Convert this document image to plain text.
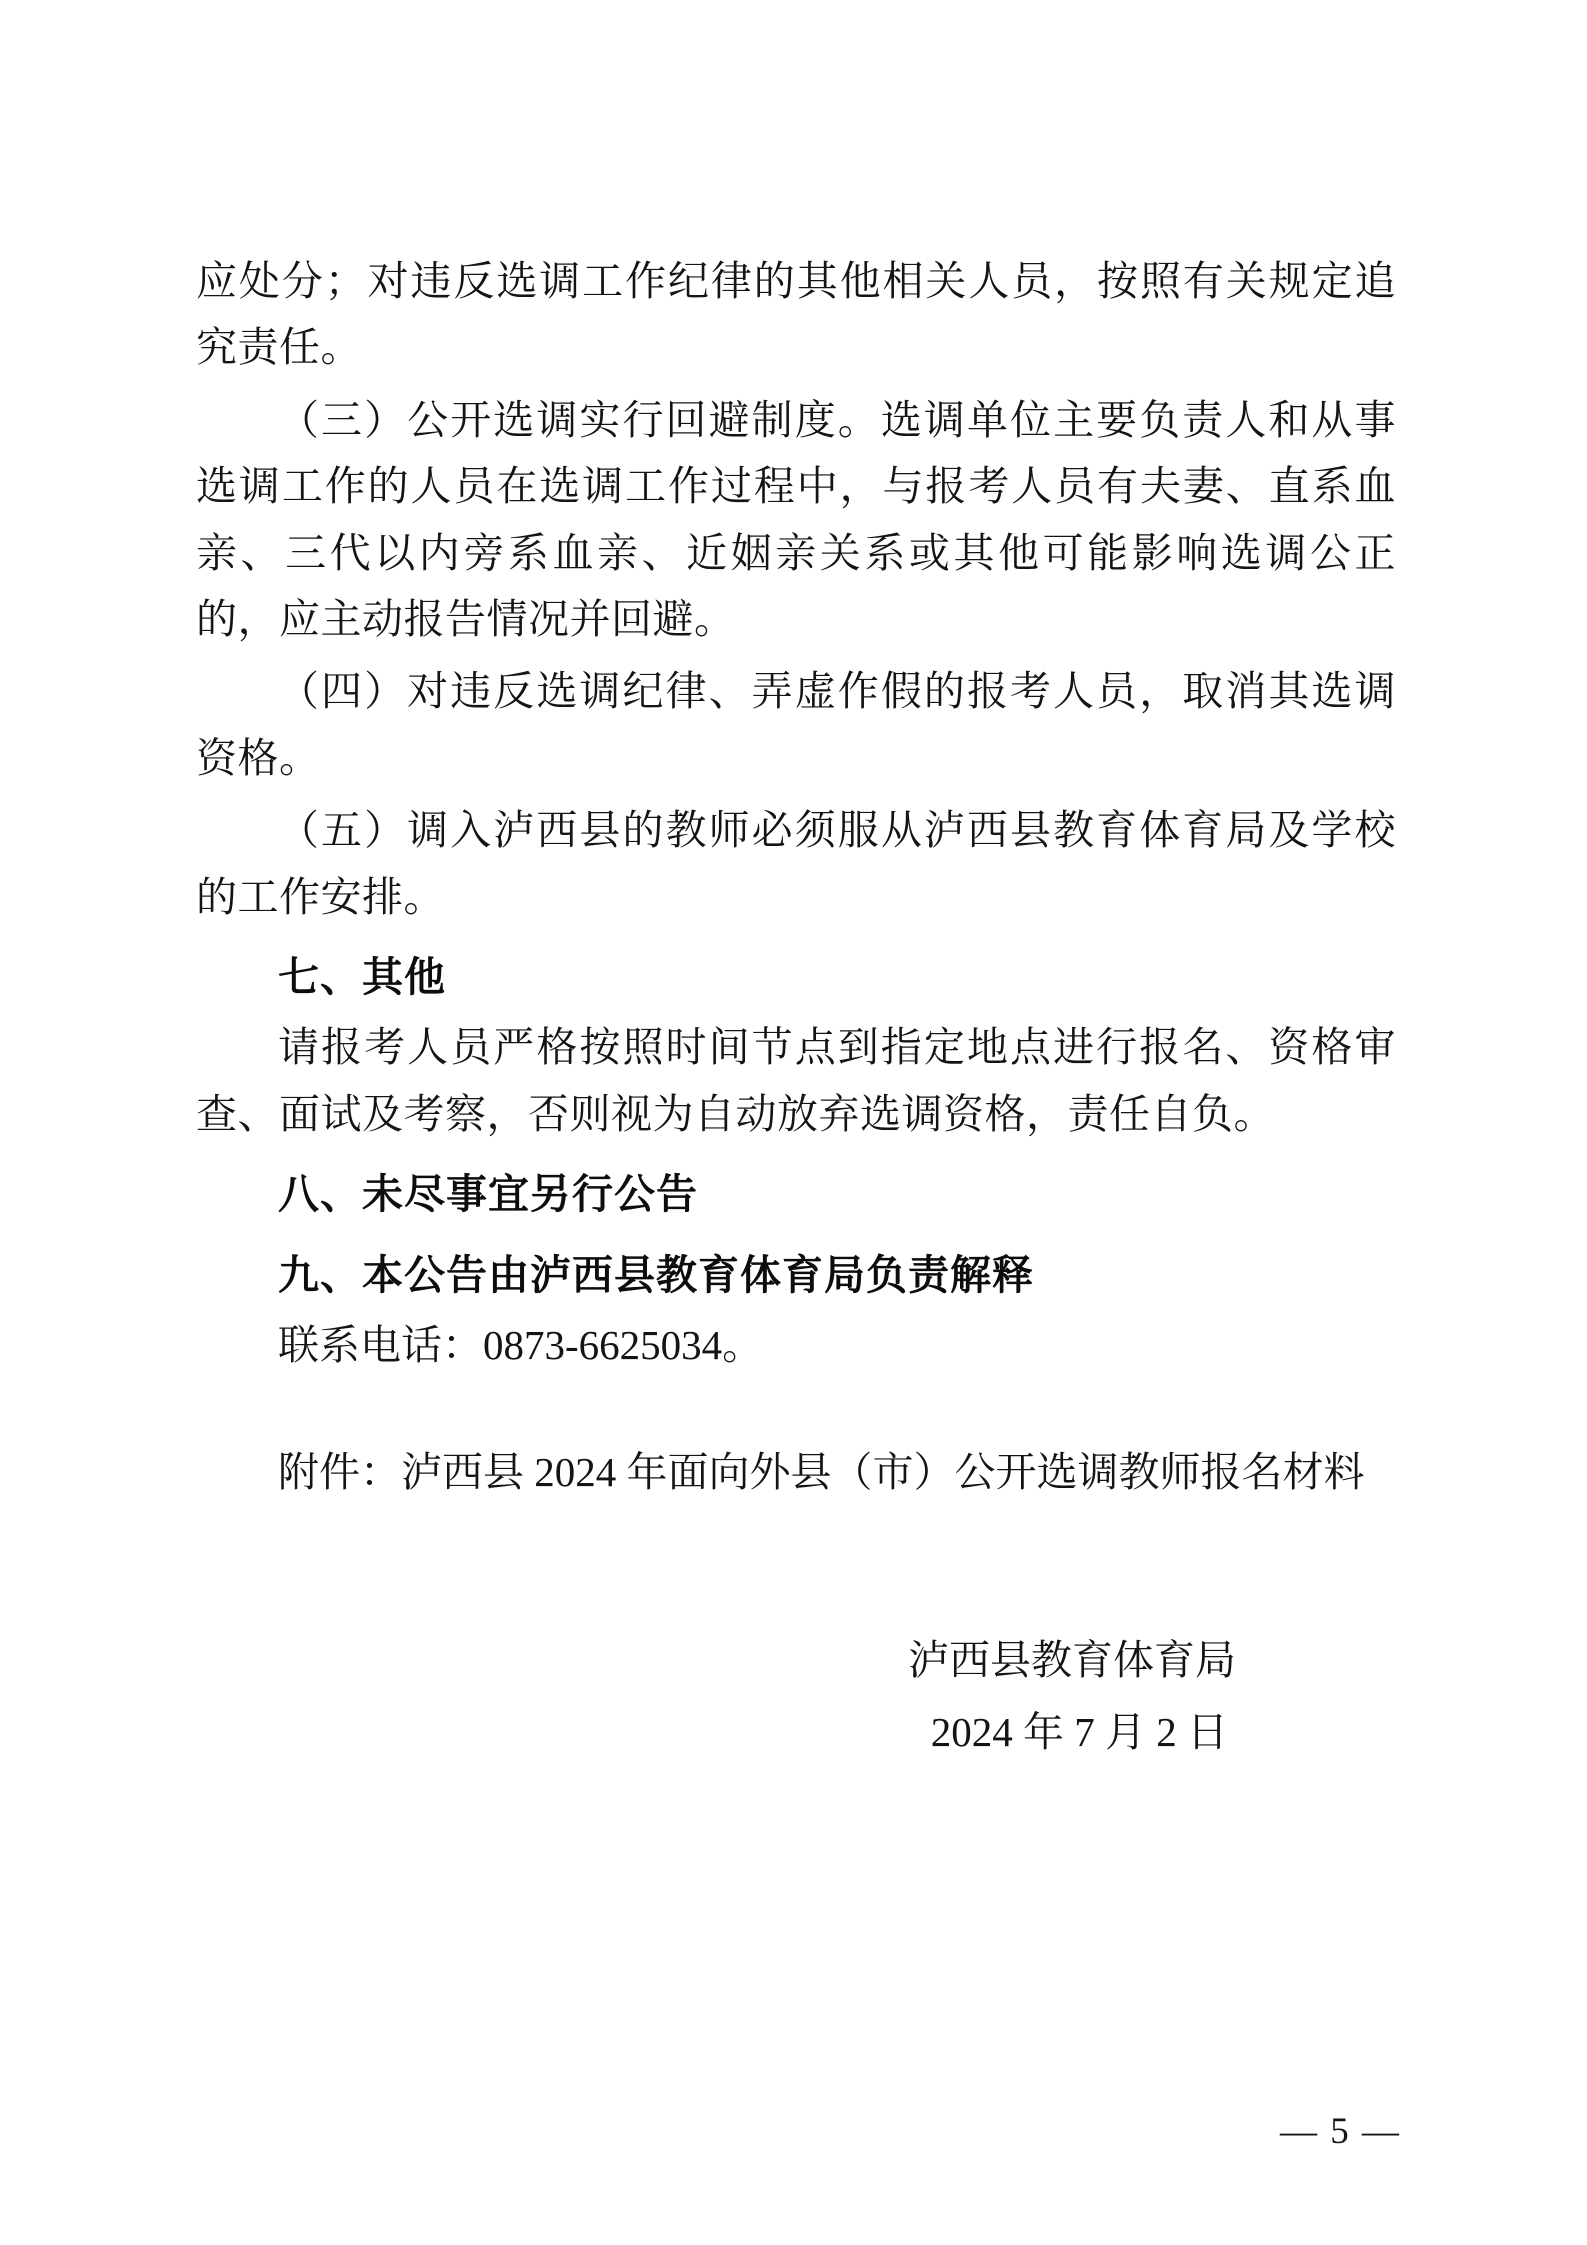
应处分；对违反选调工作纪律的其他相关人员，按照有关规定追究责任。

（三）公开选调实行回避制度。选调单位主要负责人和从事选调工作的人员在选调工作过程中，与报考人员有夫妻、直系血亲、三代以内旁系血亲、近姻亲关系或其他可能影响选调公正的，应主动报告情况并回避。

（四）对违反选调纪律、弄虚作假的报考人员，取消其选调资格。

（五）调入泸西县的教师必须服从泸西县教育体育局及学校的工作安排。

七、其他

请报考人员严格按照时间节点到指定地点进行报名、资格审查、面试及考察，否则视为自动放弃选调资格，责任自负。

八、未尽事宜另行公告
九、本公告由泸西县教育体育局负责解释

联系电话：0873-6625034。

附件：泸西县 2024 年面向外县（市）公开选调教师报名材料

泸西县教育体育局
2024 年 7 月 2 日
— 5 —
